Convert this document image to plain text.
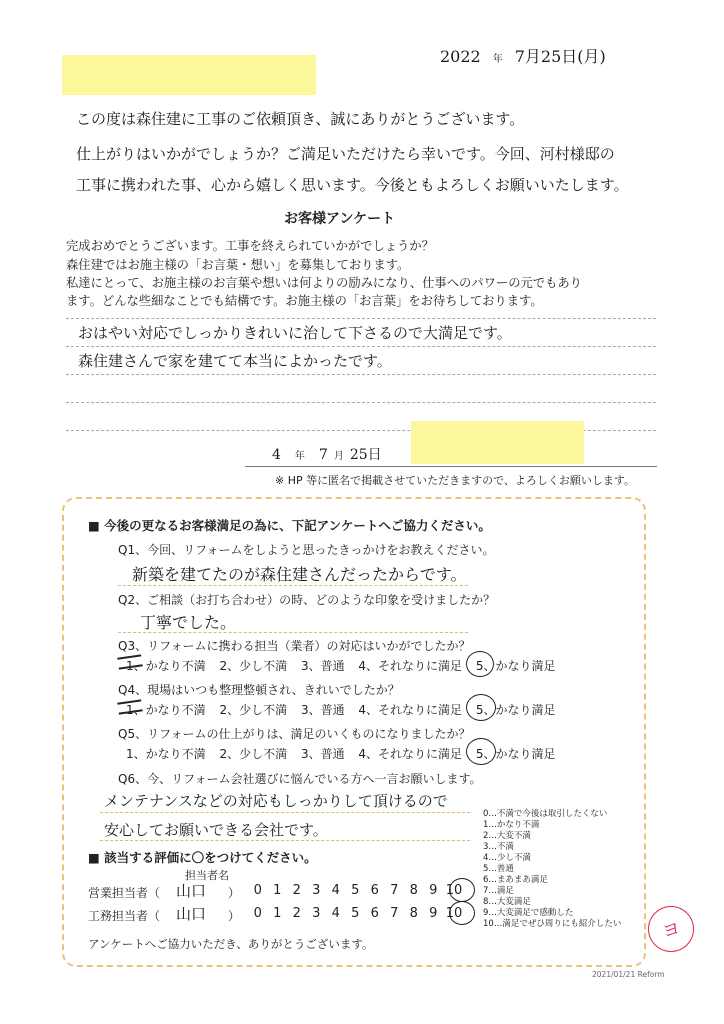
2022 年 7月25日(月)
この度は森住建に工事のご依頼頂き、誠にありがとうございます。
仕上がりはいかがでしょうか？ご満足いただけたら幸いです。今回、河村様邸の
工事に携われた事、心から嬉しく思います。今後ともよろしくお願いいたします。
お客様アンケート
完成おめでとうございます。工事を終えられていかがでしょうか？
森住建ではお施主様の「お言葉・想い」を募集しております。
私達にとって、お施主様のお言葉や想いは何よりの励みになり、仕事へのパワーの元でもあり
ます。どんな些細なことでも結構です。お施主様の「お言葉」をお待ちしております。
おはやい対応でしっかりきれいに治して下さるので大満足です。
森住建さんで家を建てて本当によかったです。
4 年 7 月 25日
※ HP 等に匿名で掲載させていただきますので、よろしくお願いします。
■ 今後の更なるお客様満足の為に、下記アンケートへご協力ください。
Q1、今回、リフォームをしようと思ったきっかけをお教えください。
新築を建てたのが森住建さんだったからです。
Q2、ご相談（お打ち合わせ）の時、どのような印象を受けましたか？
丁寧でした。
Q3、リフォームに携わる担当（業者）の対応はいかがでしたか？
1、かなり不満 2、少し不満 3、普通 4、それなりに満足 5、かなり満足
Q4、現場はいつも整理整頓され、きれいでしたか？
1、かなり不満 2、少し不満 3、普通 4、それなりに満足 5、かなり満足
Q5、リフォームの仕上がりは、満足のいくものになりましたか？
1、かなり不満 2、少し不満 3、普通 4、それなりに満足 5、かなり満足
Q6、今、リフォーム会社選びに悩んでいる方へ一言お願いします。
メンテナンスなどの対応もしっかりして頂けるので
安心してお願いできる会社です。
0…不満で今後は取引したくない
1…かなり不満
2…大変不満
3…不満
4…少し不満
5…普通
6…まあまあ満足
7…満足
8…大変満足
9…大変満足で感動した
10…満足でぜひ周りにも紹介したい
■ 該当する評価に〇をつけてください。
担当者名
営業担当者（ 山口 ）	0 1 2 3 4 5 6 7 8 9 10
工務担当者（ 山口 ）	0 1 2 3 4 5 6 7 8 9 10
アンケートへご協力いただき、ありがとうございます。
ヨ
2021/01/21 Reform
